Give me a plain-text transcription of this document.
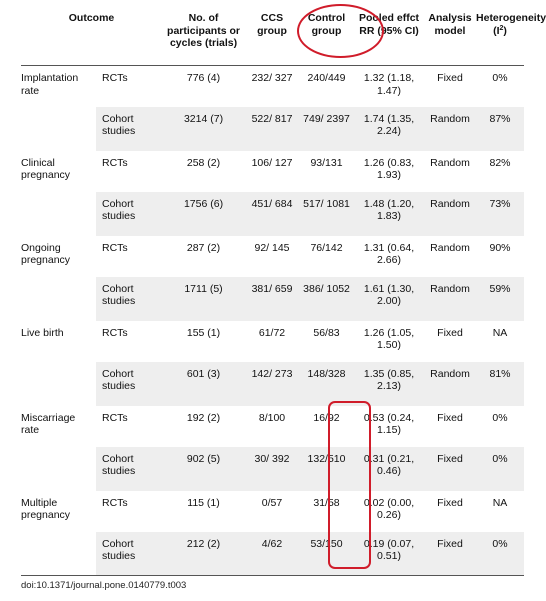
Outcome		No. of participants or cycles (trials)	CCS group	Control group	Pooled effct RR (95% CI)	Analysis model	Heterogeneity $(I^2)$
Implantation rate	RCTs	776 (4)	232/ 327	240/449	1.32 (1.18, 1.47)	Fixed	0%
	Cohort studies	3214 (7)	522/ 817	749/ 2397	1.74 (1.35, 2.24)	Random	87%
Clinical pregnancy	RCTs	258 (2)	106/ 127	93/131	1.26 (0.83, 1.93)	Random	82%
	Cohort studies	1756 (6)	451/ 684	517/ 1081	1.48 (1.20, 1.83)	Random	73%
Ongoing pregnancy	RCTs	287 (2)	92/ 145	76/142	1.31 (0.64, 2.66)	Random	90%
	Cohort studies	1711 (5)	381/ 659	386/ 1052	1.61 (1.30, 2.00)	Random	59%
Live birth	RCTs	155 (1)	61/72	56/83	1.26 (1.05, 1.50)	Fixed	NA
	Cohort studies	601 (3)	142/ 273	148/328	1.35 (0.85, 2.13)	Random	81%
Miscarriage rate	RCTs	192 (2)	8/100	16/92	0.53 (0.24, 1.15)	Fixed	0%
	Cohort studies	902 (5)	30/ 392	132/510	0.31 (0.21, 0.46)	Fixed	0%
Multiple pregnancy	RCTs	115 (1)	0/57	31/58	0.02 (0.00, 0.26)	Fixed	NA
	Cohort studies	212 (2)	4/62	53/150	0.19 (0.07, 0.51)	Fixed	0%
doi:10.1371/journal.pone.0140779.t003
